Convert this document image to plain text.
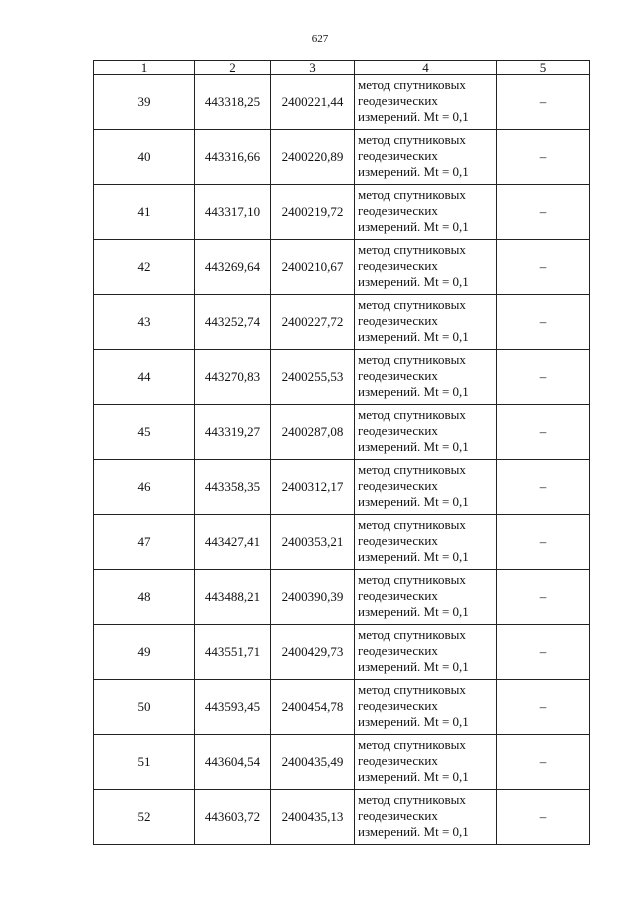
627
1	2	3	4	5
39	443318,25	2400221,44	метод спутниковых
геодезических
измерений. Mt = 0,1	–
40	443316,66	2400220,89	метод спутниковых
геодезических
измерений. Mt = 0,1	–
41	443317,10	2400219,72	метод спутниковых
геодезических
измерений. Mt = 0,1	–
42	443269,64	2400210,67	метод спутниковых
геодезических
измерений. Mt = 0,1	–
43	443252,74	2400227,72	метод спутниковых
геодезических
измерений. Mt = 0,1	–
44	443270,83	2400255,53	метод спутниковых
геодезических
измерений. Mt = 0,1	–
45	443319,27	2400287,08	метод спутниковых
геодезических
измерений. Mt = 0,1	–
46	443358,35	2400312,17	метод спутниковых
геодезических
измерений. Mt = 0,1	–
47	443427,41	2400353,21	метод спутниковых
геодезических
измерений. Mt = 0,1	–
48	443488,21	2400390,39	метод спутниковых
геодезических
измерений. Mt = 0,1	–
49	443551,71	2400429,73	метод спутниковых
геодезических
измерений. Mt = 0,1	–
50	443593,45	2400454,78	метод спутниковых
геодезических
измерений. Mt = 0,1	–
51	443604,54	2400435,49	метод спутниковых
геодезических
измерений. Mt = 0,1	–
52	443603,72	2400435,13	метод спутниковых
геодезических
измерений. Mt = 0,1	–
